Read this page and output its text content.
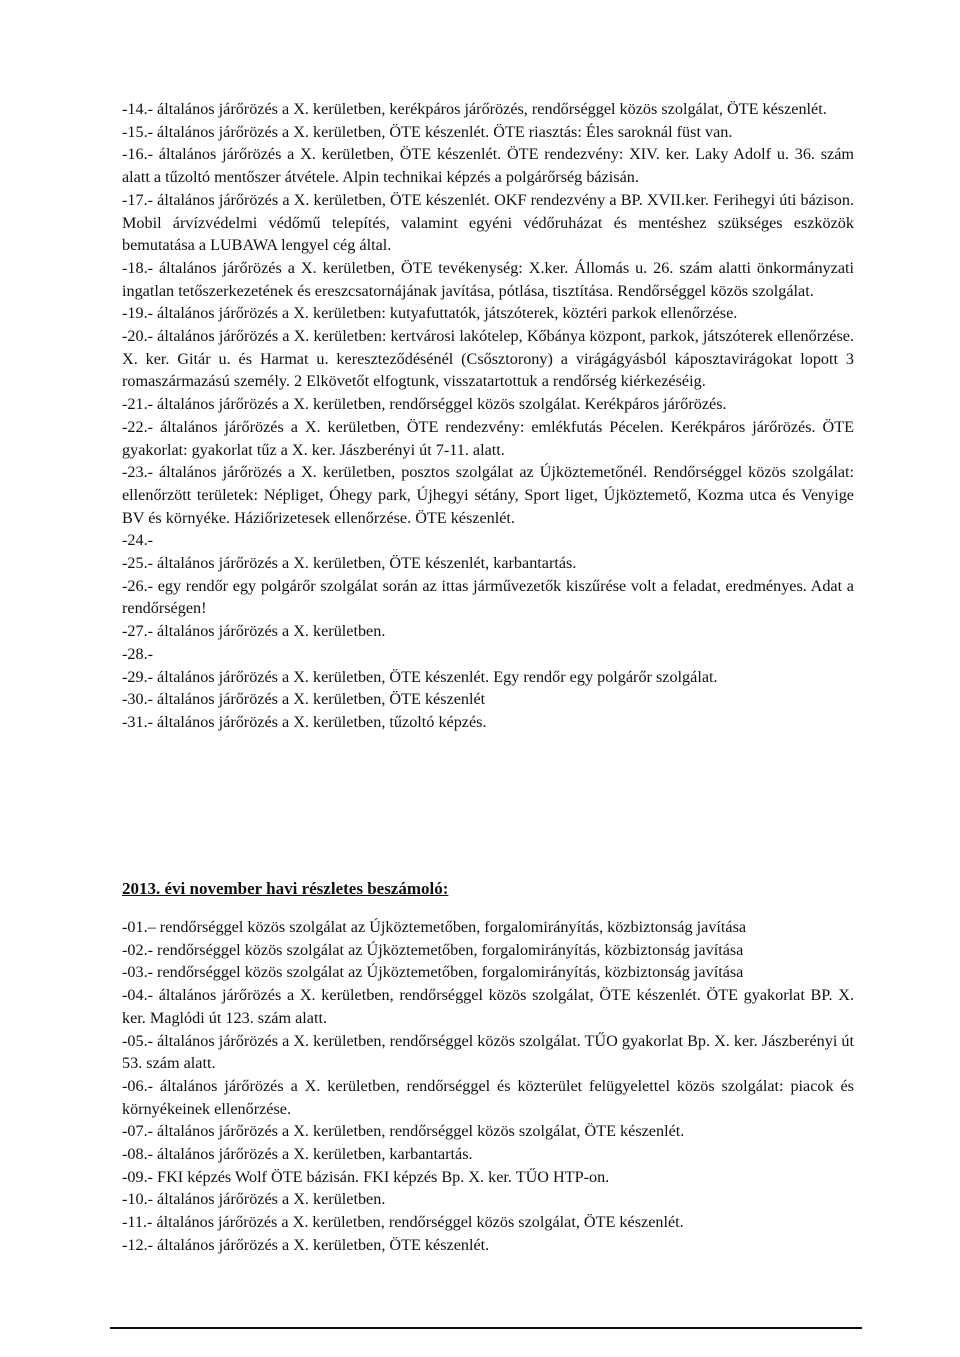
-14.- általános járőrözés a X. kerületben, kerékpáros járőrözés, rendőrséggel közös szolgálat, ÖTE készenlét.

-15.- általános járőrözés a X. kerületben, ÖTE készenlét. ÖTE riasztás: Éles saroknál füst van.

-16.- általános járőrözés a X. kerületben, ÖTE készenlét. ÖTE rendezvény: XIV. ker. Laky Adolf u. 36. szám alatt a tűzoltó mentőszer átvétele. Alpin technikai képzés a polgárőrség bázisán.

-17.- általános járőrözés a X. kerületben, ÖTE készenlét. OKF rendezvény a BP. XVII.ker. Ferihegyi úti bázison. Mobil árvízvédelmi védőmű telepítés, valamint egyéni védőruházat és mentéshez szükséges eszközök bemutatása a LUBAWA lengyel cég által.

-18.- általános járőrözés a X. kerületben, ÖTE tevékenység: X.ker. Állomás u. 26. szám alatti önkormányzati ingatlan tetőszerkezetének és ereszcsatornájának javítása, pótlása, tisztítása. Rendőrséggel közös szolgálat.

-19.- általános járőrözés a X. kerületben: kutyafuttatók, játszóterek, köztéri parkok ellenőrzése.

-20.- általános járőrözés a X. kerületben: kertvárosi lakótelep, Kőbánya központ, parkok, játszóterek ellenőrzése. X. ker. Gitár u. és Harmat u. kereszteződésénél (Csősztorony) a virágágyásból káposztavirágokat lopott 3 romaszármazású személy. 2 Elkövetőt elfogtunk, visszatartottuk a rendőrség kiérkezéséig.

-21.- általános járőrözés a X. kerületben, rendőrséggel közös szolgálat. Kerékpáros járőrözés.

-22.- általános járőrözés a X. kerületben, ÖTE rendezvény: emlékfutás Pécelen. Kerékpáros járőrözés. ÖTE gyakorlat: gyakorlat tűz a X. ker. Jászberényi út 7-11. alatt.

-23.- általános járőrözés a X. kerületben, posztos szolgálat az Újköztemetőnél. Rendőrséggel közös szolgálat: ellenőrzött területek: Népliget, Óhegy park, Újhegyi sétány, Sport liget, Újköztemető, Kozma utca és Venyige BV és környéke. Háziőrizetesek ellenőrzése. ÖTE készenlét.

-24.-

-25.- általános járőrözés a X. kerületben, ÖTE készenlét, karbantartás.

-26.- egy rendőr egy polgárőr szolgálat során az ittas járművezetők kiszűrése volt a feladat, eredményes. Adat a rendőrségen!

-27.- általános járőrözés a X. kerületben.

-28.-

-29.- általános járőrözés a X. kerületben, ÖTE készenlét. Egy rendőr egy polgárőr szolgálat.

-30.- általános járőrözés a X. kerületben, ÖTE készenlét

-31.- általános járőrözés a X. kerületben, tűzoltó képzés.

2013. évi november havi részletes beszámoló:

-01.– rendőrséggel közös szolgálat az Újköztemetőben, forgalomirányítás, közbiztonság javítása

-02.- rendőrséggel közös szolgálat az Újköztemetőben, forgalomirányítás, közbiztonság javítása

-03.- rendőrséggel közös szolgálat az Újköztemetőben, forgalomirányítás, közbiztonság javítása

-04.- általános járőrözés a X. kerületben, rendőrséggel közös szolgálat, ÖTE készenlét. ÖTE gyakorlat BP. X. ker. Maglódi út 123. szám alatt.

-05.- általános járőrözés a X. kerületben, rendőrséggel közös szolgálat. TŰO gyakorlat Bp. X. ker. Jászberényi út 53. szám alatt.

-06.- általános járőrözés a X. kerületben, rendőrséggel és közterület felügyelettel közös szolgálat: piacok és környékeinek ellenőrzése.

-07.- általános járőrözés a X. kerületben, rendőrséggel közös szolgálat, ÖTE készenlét.

-08.- általános járőrözés a X. kerületben, karbantartás.

-09.- FKI képzés Wolf ÖTE bázisán. FKI képzés Bp. X. ker. TŰO HTP-on.

-10.- általános járőrözés a X. kerületben.

-11.- általános járőrözés a X. kerületben, rendőrséggel közös szolgálat, ÖTE készenlét.

-12.- általános járőrözés a X. kerületben, ÖTE készenlét.
